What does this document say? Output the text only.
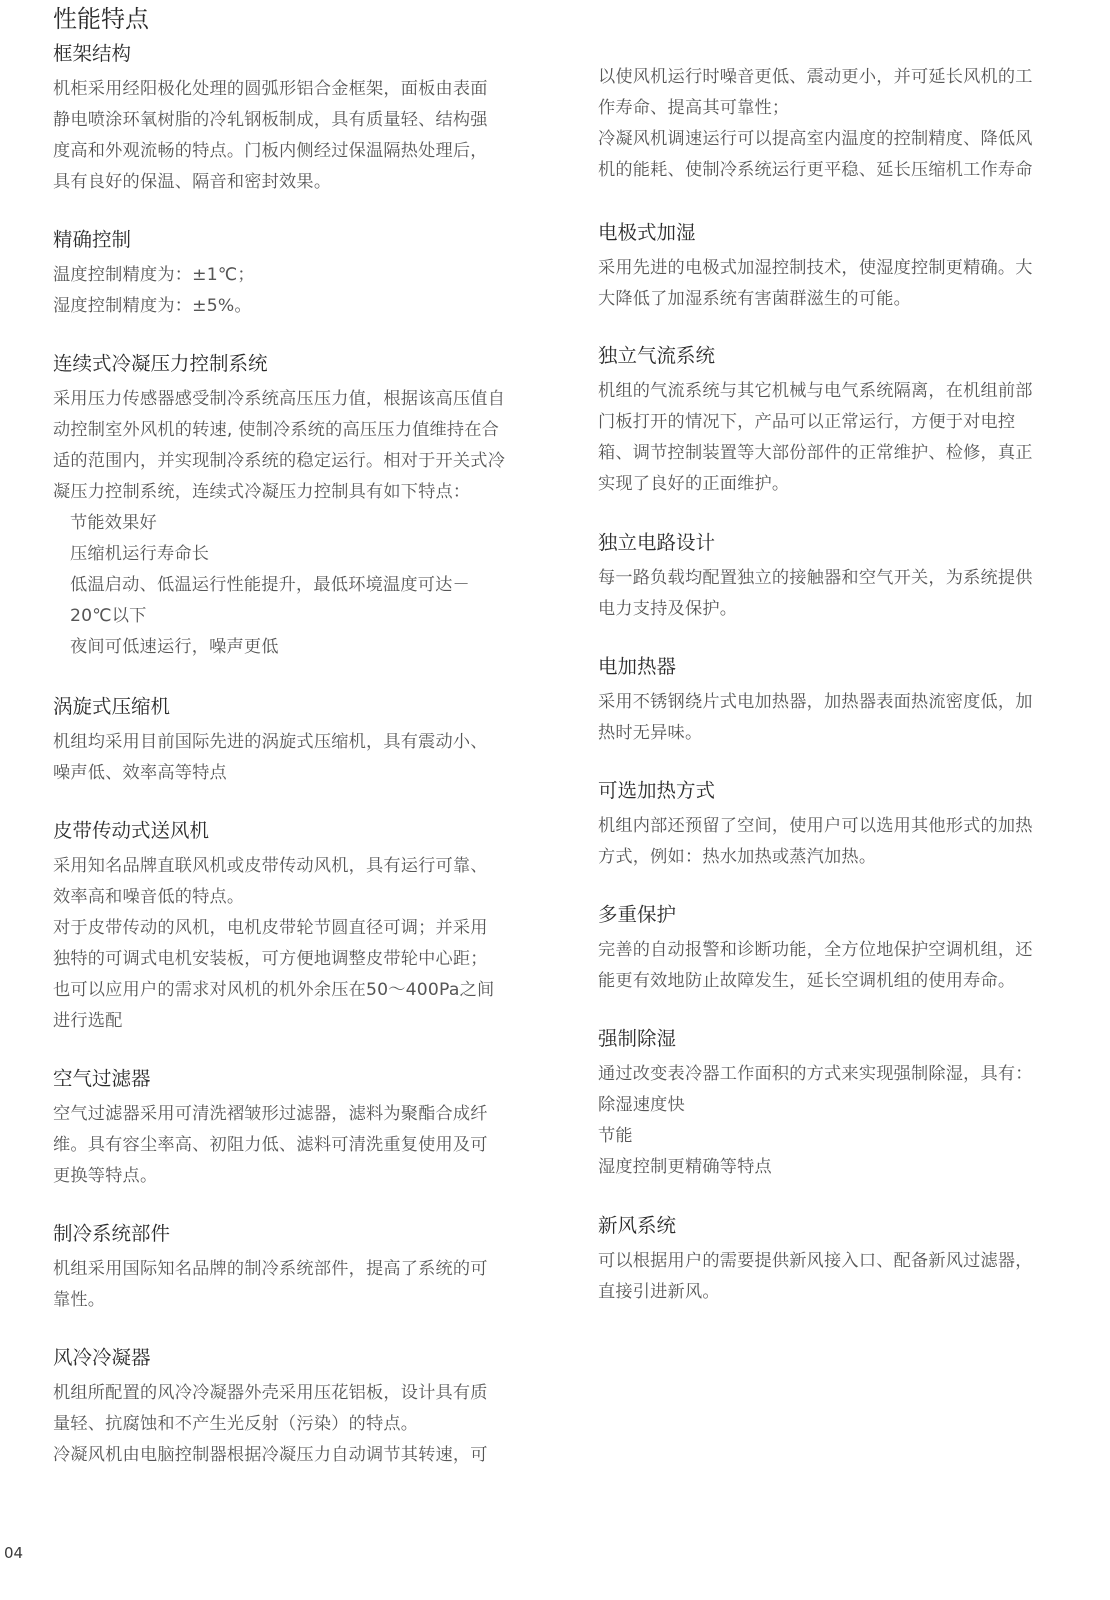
性能特点
框架结构
机柜采用经阳极化处理的圆弧形铝合金框架，面板由表面
静电喷涂环氧树脂的冷轧钢板制成，具有质量轻、结构强
度高和外观流畅的特点。门板内侧经过保温隔热处理后，
具有良好的保温、隔音和密封效果。
精确控制
温度控制精度为：±1℃；
湿度控制精度为：±5%。
连续式冷凝压力控制系统
采用压力传感器感受制冷系统高压压力值，根据该高压值自
动控制室外风机的转速, 使制冷系统的高压压力值维持在合
适的范围内，并实现制冷系统的稳定运行。相对于开关式冷
凝压力控制系统，连续式冷凝压力控制具有如下特点：
节能效果好
压缩机运行寿命长
低温启动、低温运行性能提升，最低环境温度可达－
20℃以下
夜间可低速运行，噪声更低
涡旋式压缩机
机组均采用目前国际先进的涡旋式压缩机，具有震动小、
噪声低、效率高等特点
皮带传动式送风机
采用知名品牌直联风机或皮带传动风机，具有运行可靠、
效率高和噪音低的特点。
对于皮带传动的风机，电机皮带轮节圆直径可调；并采用
独特的可调式电机安装板，可方便地调整皮带轮中心距；
也可以应用户的需求对风机的机外余压在50～400Pa之间
进行选配
空气过滤器
空气过滤器采用可清洗褶皱形过滤器，滤料为聚酯合成纤
维。具有容尘率高、初阻力低、滤料可清洗重复使用及可
更换等特点。
制冷系统部件
机组采用国际知名品牌的制冷系统部件，提高了系统的可
靠性。
风冷冷凝器
机组所配置的风冷冷凝器外壳采用压花铝板，设计具有质
量轻、抗腐蚀和不产生光反射（污染）的特点。
冷凝风机由电脑控制器根据冷凝压力自动调节其转速，可
以使风机运行时噪音更低、震动更小，并可延长风机的工
作寿命、提高其可靠性；
冷凝风机调速运行可以提高室内温度的控制精度、降低风
机的能耗、使制冷系统运行更平稳、延长压缩机工作寿命
电极式加湿
采用先进的电极式加湿控制技术，使湿度控制更精确。大
大降低了加湿系统有害菌群滋生的可能。
独立气流系统
机组的气流系统与其它机械与电气系统隔离，在机组前部
门板打开的情况下，产品可以正常运行，方便于对电控
箱、调节控制装置等大部份部件的正常维护、检修，真正
实现了良好的正面维护。
独立电路设计
每一路负载均配置独立的接触器和空气开关，为系统提供
电力支持及保护。
电加热器
采用不锈钢绕片式电加热器，加热器表面热流密度低，加
热时无异味。
可选加热方式
机组内部还预留了空间，使用户可以选用其他形式的加热
方式，例如：热水加热或蒸汽加热。
多重保护
完善的自动报警和诊断功能，全方位地保护空调机组，还
能更有效地防止故障发生，延长空调机组的使用寿命。
强制除湿
通过改变表冷器工作面积的方式来实现强制除湿，具有：
除湿速度快
节能
湿度控制更精确等特点
新风系统
可以根据用户的需要提供新风接入口、配备新风过滤器，
直接引进新风。
04
